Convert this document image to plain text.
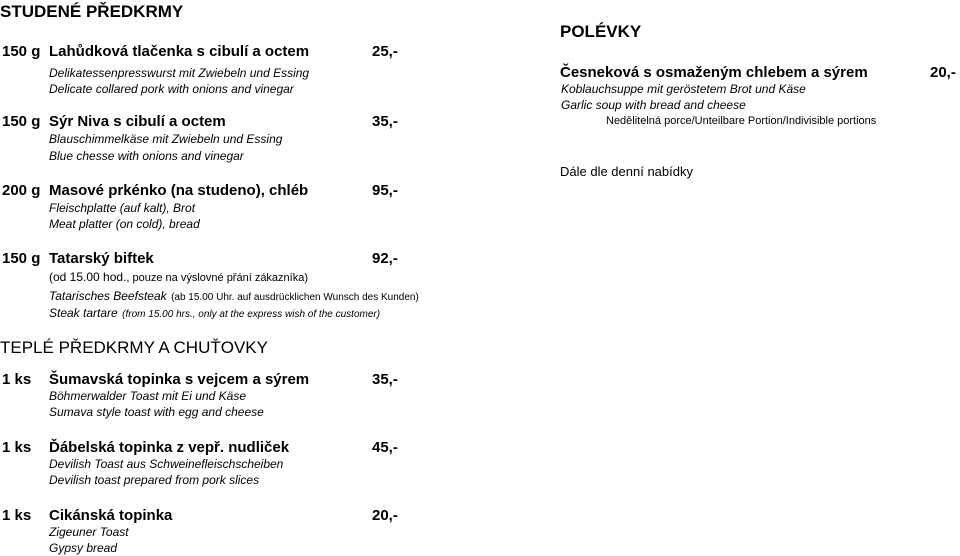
STUDENÉ PŘEDKRMY
150 g Lahůdková tlačenka s cibulí a octem	25,-
Delikatessenpresswurst mit Zwiebeln und Essing
Delicate collared pork with onions and vinegar
150 g Sýr Niva s cibulí a octem	35,-
Blauschimmelkäse mit Zwiebeln und Essing
Blue chesse with onions and vinegar
200 g Masové prkénko (na studeno), chléb	95,-
Fleischplatte (auf kalt), Brot
Meat platter (on cold), bread
150 g Tatarský biftek	92,-
(od 15.00 hod., pouze na výslovné přání zákazníka)
Tatarisches Beefsteak (ab 15.00 Uhr. auf ausdrücklichen Wunsch des Kunden)
Steak tartare (from 15.00 hrs., only at the express wish of the customer)
TEPLÉ PŘEDKRMY A CHUŤOVKY
1 ks Šumavská topinka s vejcem a sýrem	35,-
Böhmerwalder Toast mit Ei und Käse
Sumava style toast with egg and cheese
1 ks Ďábelská topinka z vepř. nudliček	45,-
Devilish Toast aus Schweinefleischscheiben
Devilish toast prepared from pork slices
1 ks Cikánská topinka	20,-
Zigeuner Toast
Gypsy bread
POLÉVKY
Česneková s osmaženým chlebem a sýrem	20,-
Koblauchsuppe mit geröstetem Brot und Käse
Garlic soup with bread and cheese
Nedělitelná porce/Unteilbare Portion/Indivisible portions
Dále dle denní nabídky
